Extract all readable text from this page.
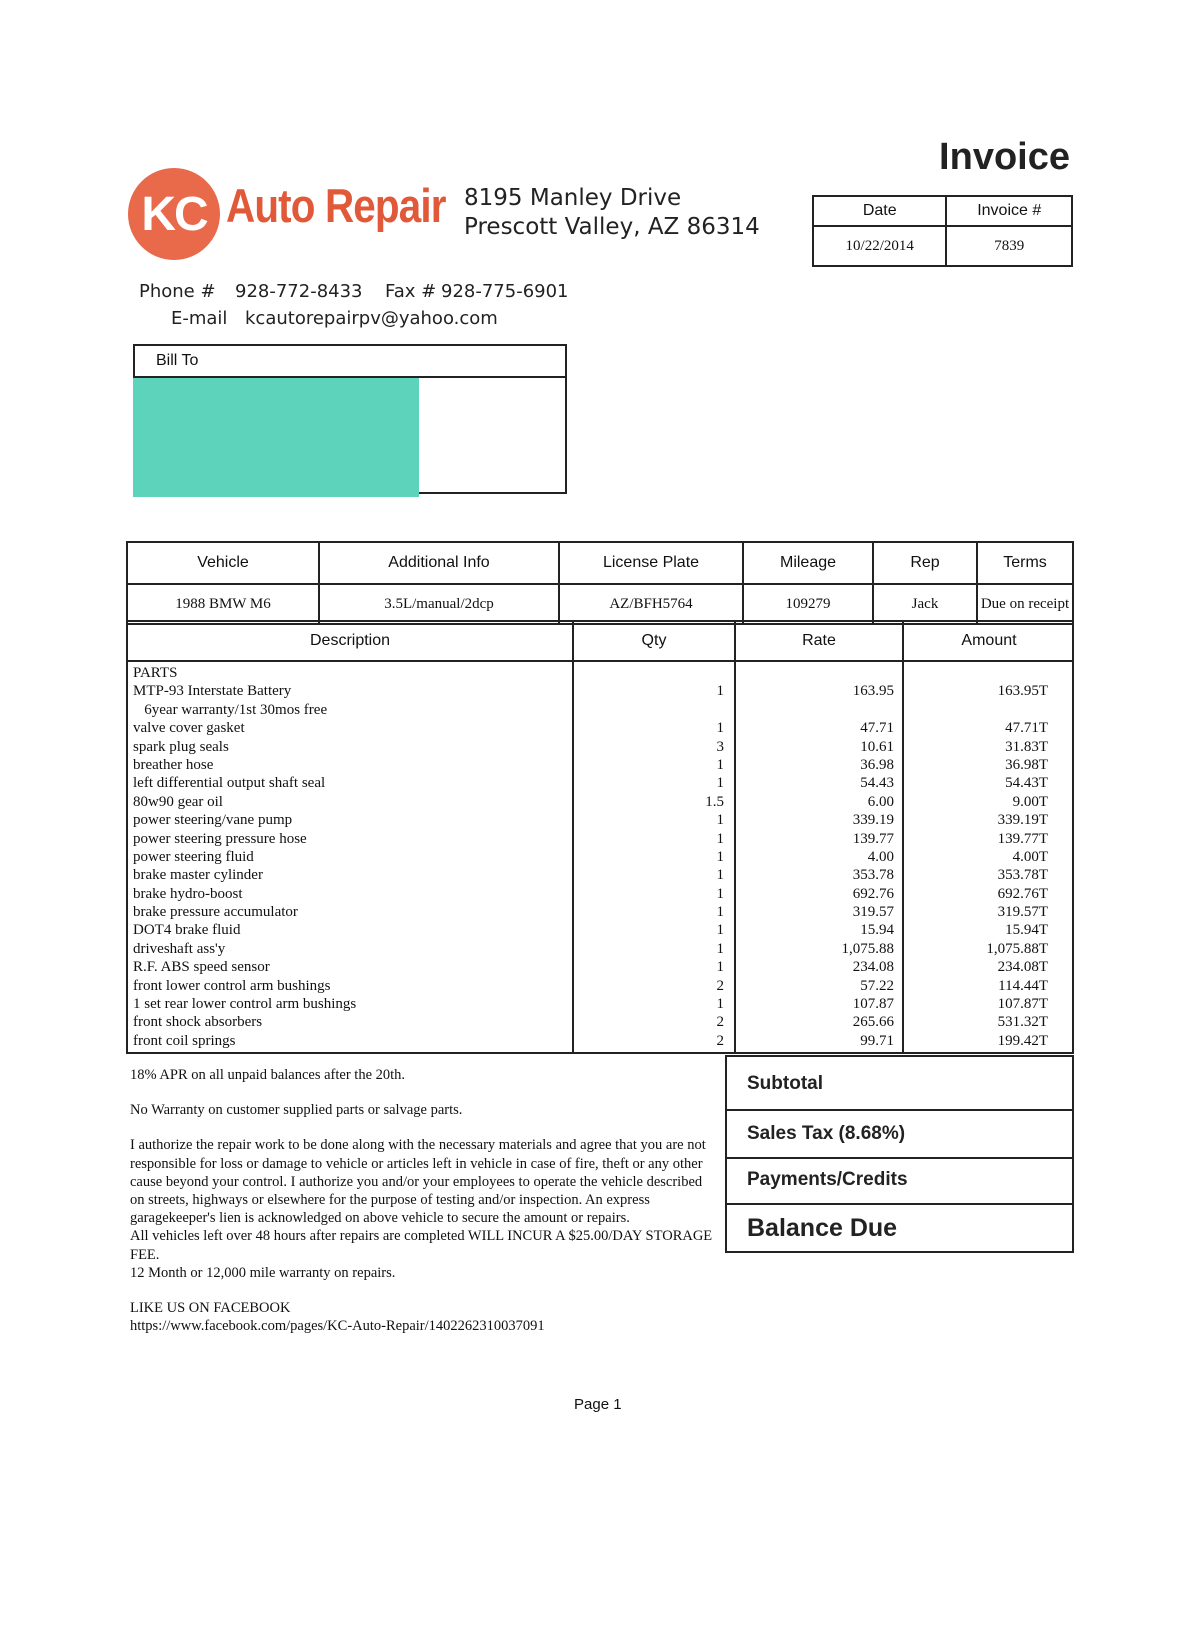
KC Auto Repair 8195 Manley Drive
Prescott Valley, AZ 86314
Invoice
Date	Invoice #
10/22/2014	7839
Phone # 928-772-8433 Fax # 928-775-6901
E-mail kcautorepairpv@yahoo.com
Bill To
Vehicle	Additional Info	License Plate	Mileage	Rep	Terms
1988 BMW M6	3.5L/manual/2dcp	AZ/BFH5764	109279	Jack	Due on receipt
Description	Qty	Rate	Amount
PARTS
MTP-93 Interstate Battery	1	163.95	163.95T
6year warranty/1st 30mos free
valve cover gasket	1	47.71	47.71T
spark plug seals	3	10.61	31.83T
breather hose	1	36.98	36.98T
left differential output shaft seal	1	54.43	54.43T
80w90 gear oil	1.5	6.00	9.00T
power steering/vane pump	1	339.19	339.19T
power steering pressure hose	1	139.77	139.77T
power steering fluid	1	4.00	4.00T
brake master cylinder	1	353.78	353.78T
brake hydro-boost	1	692.76	692.76T
brake pressure accumulator	1	319.57	319.57T
DOT4 brake fluid	1	15.94	15.94T
driveshaft ass'y	1	1,075.88	1,075.88T
R.F. ABS speed sensor	1	234.08	234.08T
front lower control arm bushings	2	57.22	114.44T
1 set rear lower control arm bushings	1	107.87	107.87T
front shock absorbers	2	265.66	531.32T
front coil springs	2	99.71	199.42T

18% APR on all unpaid balances after the 20th.

No Warranty on customer supplied parts or salvage parts.

I authorize the repair work to be done along with the necessary materials and agree that you are not responsible for loss or damage to vehicle or articles left in vehicle in case of fire, theft or any other cause beyond your control. I authorize you and/or your employees to operate the vehicle described on streets, highways or elsewhere for the purpose of testing and/or inspection. An express garagekeeper's lien is acknowledged on above vehicle to secure the amount or repairs.

All vehicles left over 48 hours after repairs are completed WILL INCUR A $25.00/DAY STORAGE FEE.

12 Month or 12,000 mile warranty on repairs.

LIKE US ON FACEBOOK

https://www.facebook.com/pages/KC-Auto-Repair/1402262310037091

Subtotal
Sales Tax (8.68%)
Payments/Credits
Balance Due
Page 1
